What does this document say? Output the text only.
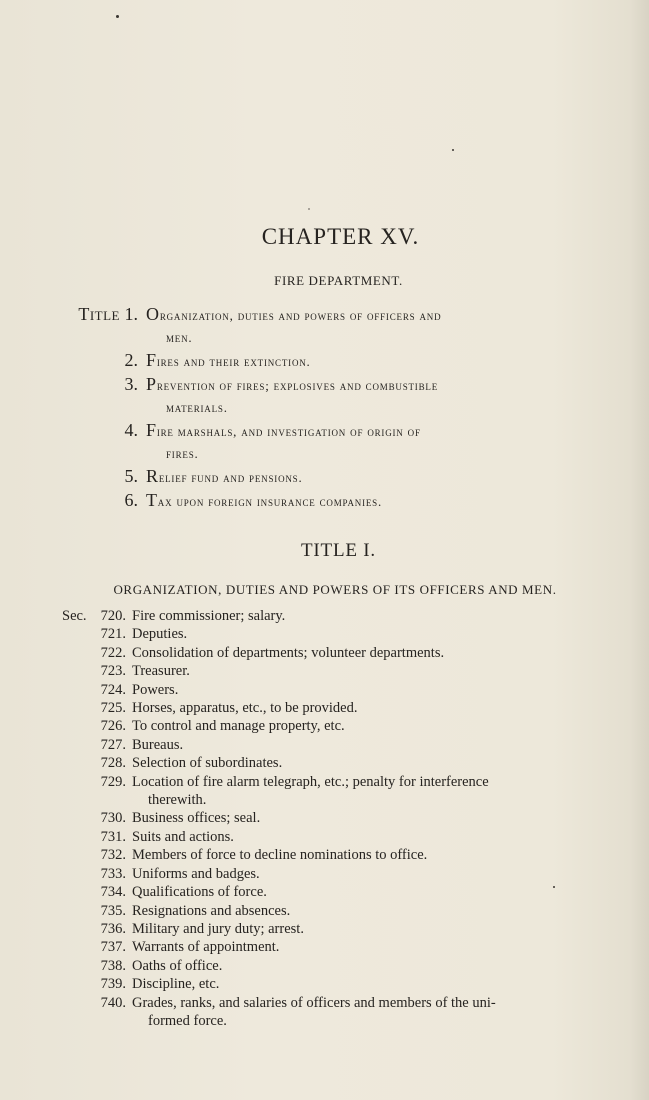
CHAPTER XV.
FIRE DEPARTMENT.
Title 1. Organization, duties and powers of officers and
men.
2. Fires and their extinction.
3. Prevention of fires; explosives and combustible
materials.
4. Fire marshals, and investigation of origin of
fires.
5. Relief fund and pensions.
6. Tax upon foreign insurance companies.
TITLE I.
ORGANIZATION, DUTIES AND POWERS OF ITS OFFICERS AND MEN.
Sec. 720. Fire commissioner; salary.
721. Deputies.
722. Consolidation of departments; volunteer departments.
723. Treasurer.
724. Powers.
725. Horses, apparatus, etc., to be provided.
726. To control and manage property, etc.
727. Bureaus.
728. Selection of subordinates.
729. Location of fire alarm telegraph, etc.; penalty for interference
therewith.
730. Business offices; seal.
731. Suits and actions.
732. Members of force to decline nominations to office.
733. Uniforms and badges.
734. Qualifications of force.
735. Resignations and absences.
736. Military and jury duty; arrest.
737. Warrants of appointment.
738. Oaths of office.
739. Discipline, etc.
740. Grades, ranks, and salaries of officers and members of the uni-
formed force.
